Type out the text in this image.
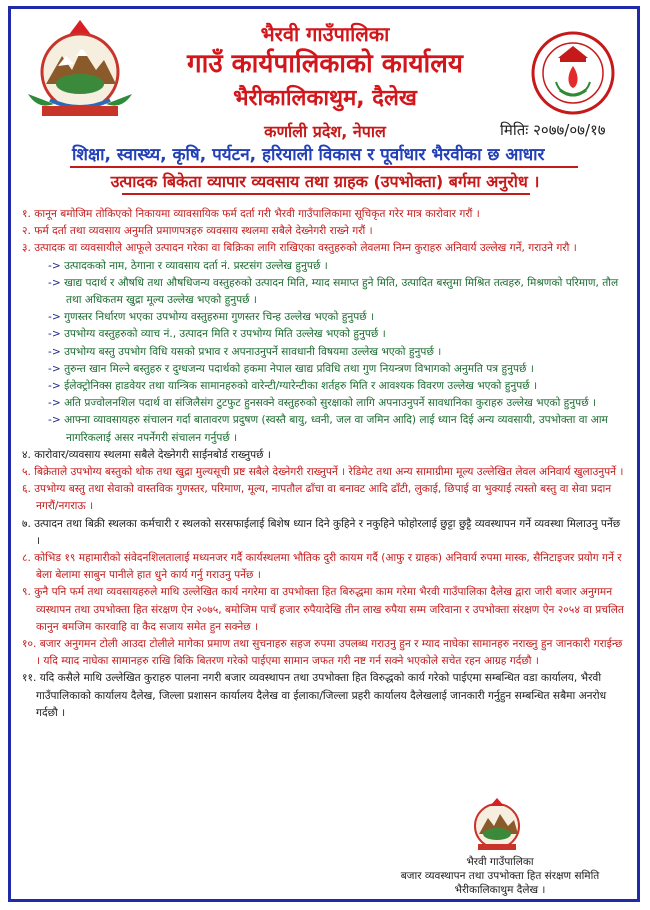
भैरवी गाउँपालिका
गाउँ कार्यपालिकाको कार्यालय
भैरीकालिकाथुम, दैलेख
कर्णाली प्रदेश, नेपाल	मितिः २०७७/०७/१७
शिक्षा, स्वास्थ्य, कृषि, पर्यटन, हरियाली विकास र पूर्वाधार भैरवीका छ आधार
उत्पादक बिकेता व्यापार व्यवसाय तथा ग्राहक (उपभोक्ता) बर्गमा अनुरोध ।

१. कानून बमोजिम तोकिएको निकायमा व्यावसायिक फर्म दर्ता गरी भैरवी गाउँपालिकामा सूचिकृत गरेर मात्र कारोवार गरौं ।

२. फर्म दर्ता तथा व्यवसाय अनुमति प्रमाणपत्रहरु व्यवसाय स्थलमा सबैले देख्नेगरी राख्ने गरौं ।

३. उत्पादक वा व्यवसायीले आफूले उत्पादन गरेका वा बिक्रिका लागि राखिएका वस्तुहरुको लेवलमा निम्न कुराहरु अनिवार्य उल्लेख गर्ने, गराउने गरौ ।

-> उत्पादकको नाम, ठेगाना र व्यावसाय दर्ता नं. प्रस्टसंग उल्लेख हुनुपर्छ ।

-> खाद्य पदार्थ र औषधि तथा औषधिजन्य वस्तुहरुको उत्पादन मिति, म्याद समाप्त हुने मिति, उत्पादित बस्तुमा मिश्रित तत्वहरु, मिश्रणको परिमाण, तौल तथा अधिकतम खुद्रा मूल्य उल्लेख भएको हुनुपर्छ ।

-> गुणस्तर निर्धारण भएका उपभोग्य वस्तुहरुमा गुणस्तर चिन्ह उल्लेख भएको हुनुपर्छ ।

-> उपभोग्य वस्तुहरुको व्याच नं., उत्पादन मिति र उपभोग्य मिति उल्लेख भएको हुनुपर्छ ।

-> उपभोग्य बस्तु उपभोग विधि यसको प्रभाव र अपनाउनुपर्ने सावधानी विषयमा उल्लेख भएको हुनुपर्छ ।

-> तुरुन्त खान मिल्ने बस्तुहरु र दुग्धजन्य पदार्थको हकमा नेपाल खाद्य प्रविधि तथा गुण नियन्त्रण विभागको अनुमति पत्र हुनुपर्छ ।

-> ईलेक्ट्रोनिक्स हाडवेयर तथा यान्त्रिक सामानहरुको वारेन्टी/ग्यारेन्टीका शर्तहरु मिति र आवश्यक विवरण उल्लेख भएको हुनुपर्छ ।

-> अति प्रज्वोलनशिल पदार्थ वा संजिलैसंग टुटफुट हुनसक्ने वस्तुहरुको सुरक्षाको लागि अपनाउनुपर्ने सावधानिका कुराहरु उल्लेख भएको हुनुपर्छ ।

-> आफ्ना व्यावसायहरु संचालन गर्दा बातावरण प्रदुषण (स्वस्तै बायु, ध्वनी, जल वा जमिन आदि) लाई ध्यान दिई अन्य व्यवसायी, उपभोक्ता वा आम नागरिकलाई असर नपर्नेगरी संचालन गर्नुपर्छ ।

४. कारोवार/व्यवसाय स्थलमा सबैले देख्नेगरी साईनबोर्ड राख्नुपर्छ ।

५. बिक्रेताले उपभोग्य बस्तुको थोक तथा खुद्रा मुल्यसूची प्रष्ट सबैले देख्नेगरी राख्नुपर्ने । रेडिमेट तथा अन्य सामाग्रीमा मूल्य उल्लेखित लेवल अनिवार्य खुलाउनुपर्ने ।

६. उपभोग्य बस्तु तथा सेवाको वास्तविक गुणस्तर, परिमाण, मूल्य, नापतौल ढाँचा वा बनावट आदि ढाँटी, लुकाई, छिपाई वा भुक्याई त्यस्तो बस्तु वा सेवा प्रदान नगरौं/नगराऊ ।

७. उत्पादन तथा बिक्री स्थलका कर्मचारी र स्थलको सरसफाईलाई बिशेष ध्यान दिने कुहिने र नकुहिने फोहोरलाई छुट्टा छुट्टै व्यवस्थापन गर्ने व्यवस्था मिलाउनु पर्नेछ ।

८. कोभिड १९ महामारीको संवेदनशिलतालाई मध्यनजर गर्दै कार्यस्थलमा भौतिक दुरी कायम गर्दै (आफु र ग्राहक) अनिवार्य रुपमा मास्क, सैनिटाइजर प्रयोग गर्ने र बेला बेलामा साबुन पानीले हात धुने कार्य गर्नु गराउनु पर्नेछ ।

९. कुनै पनि फर्म तथा व्यवसायहरुले माथि उल्लेखित कार्य नगरेमा वा उपभोक्ता हित बिरुद्धमा काम गरेमा भैरवी गाउँपालिका दैलेख द्वारा जारी बजार अनुगमन व्यस्थापन तथा उपभोक्ता हित संरक्षण ऐन २०७५, बमोजिम पाचँ हजार रुपैयादेखि तीन लाख रुपैया सम्म जरिवाना र उपभोक्ता संरक्षण ऐन २०५४ वा प्रचलित कानुन बमजिम कारवाहि वा कैद सजाय समेत हुन सक्नेछ ।

१०. बजार अनुगमन टोली आउदा टोलीले मागेका प्रमाण तथा सुचनाहरु सहज रुपमा उपलब्ध गराउनु हुन र म्याद नाघेका सामानहरु नराख्नु हुन जानकारी गराईन्छ । यदि म्याद नाघेका सामानहरु राखि बिकि बितरण गरेको पाईएमा सामान जफत गरी नष्ट गर्न सक्ने भएकोले सचेत रहन आग्रह गर्दछौ ।

११. यदि कसैले माथि उल्लेखित कुराहरु पालना नगरी बजार व्यवस्थापन तथा उपभोक्ता हित विरुद्धको कार्य गरेको पाईएमा सम्बन्धित वडा कार्यालय, भैरवी गाउँपालिकाको कार्यालय दैलेख, जिल्ला प्रशासन कार्यालय दैलेख वा ईलाका/जिल्ला प्रहरी कार्यालय दैलेखलाई जानकारी गर्नुहुन सम्बन्धित सबैमा अनरोध गर्दछौ ।

भैरवी गाउँपालिका
बजार व्यवस्थापन तथा उपभोक्ता हित संरक्षण समिति
भैरीकालिकाथुम दैलेख ।
